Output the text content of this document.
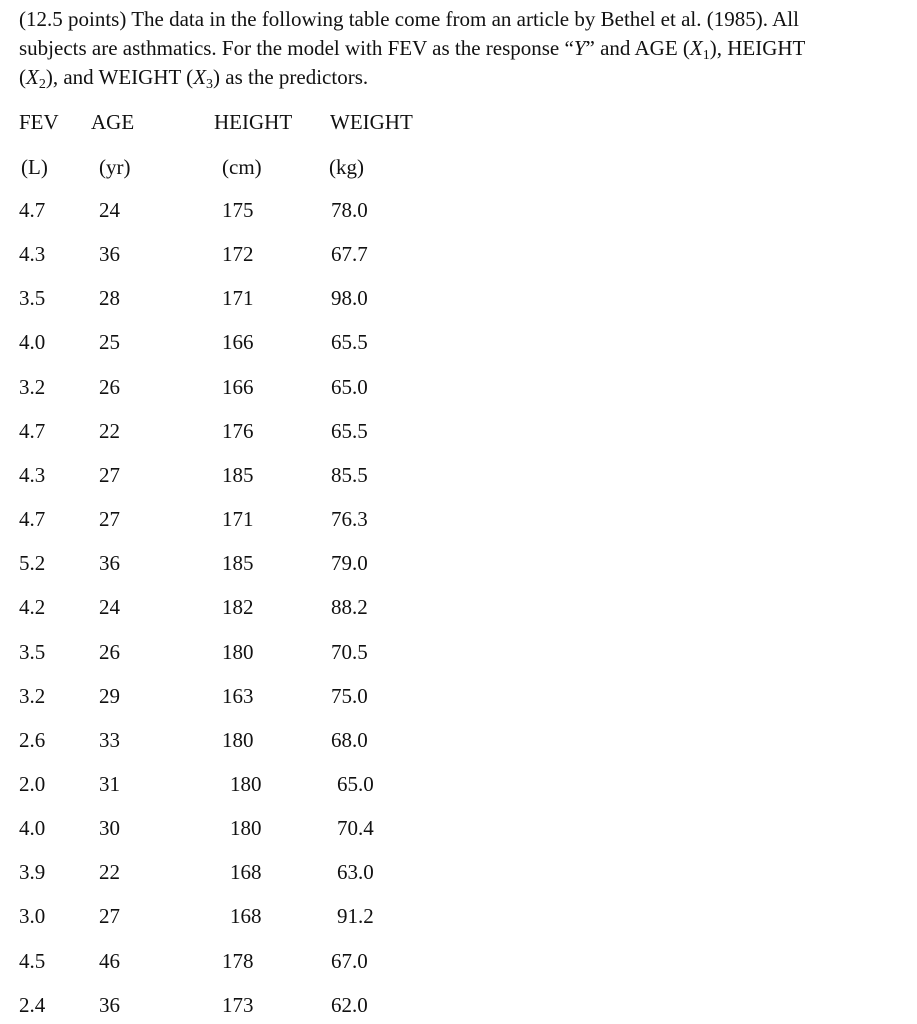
(12.5 points) The data in the following table come from an article by Bethel et al. (1985). All
subjects are asthmatics. For the model with FEV as the response “Y” and AGE $(X_1)$, HEIGHT
$(X_2)$, and WEIGHT $(X_3)$ as the predictors.
FEV AGE	HEIGHT WEIGHT
(L) (yr)	(cm)	(kg)
4.7	24	175	78.0
4.3	36	172	67.7
3.5	28	171	98.0
4.0	25	166	65.5
3.2	26	166	65.0
4.7	22	176	65.5
4.3	27	185	85.5
4.7	27	171	76.3
5.2	36	185	79.0
4.2	24	182	88.2
3.5	26	180	70.5
3.2	29	163	75.0
2.6	33	180	68.0
2.0	31	180	65.0
4.0	30	180	70.4
3.9	22	168	63.0
3.0	27	168	91.2
4.5	46	178	67.0
2.4	36	173	62.0
